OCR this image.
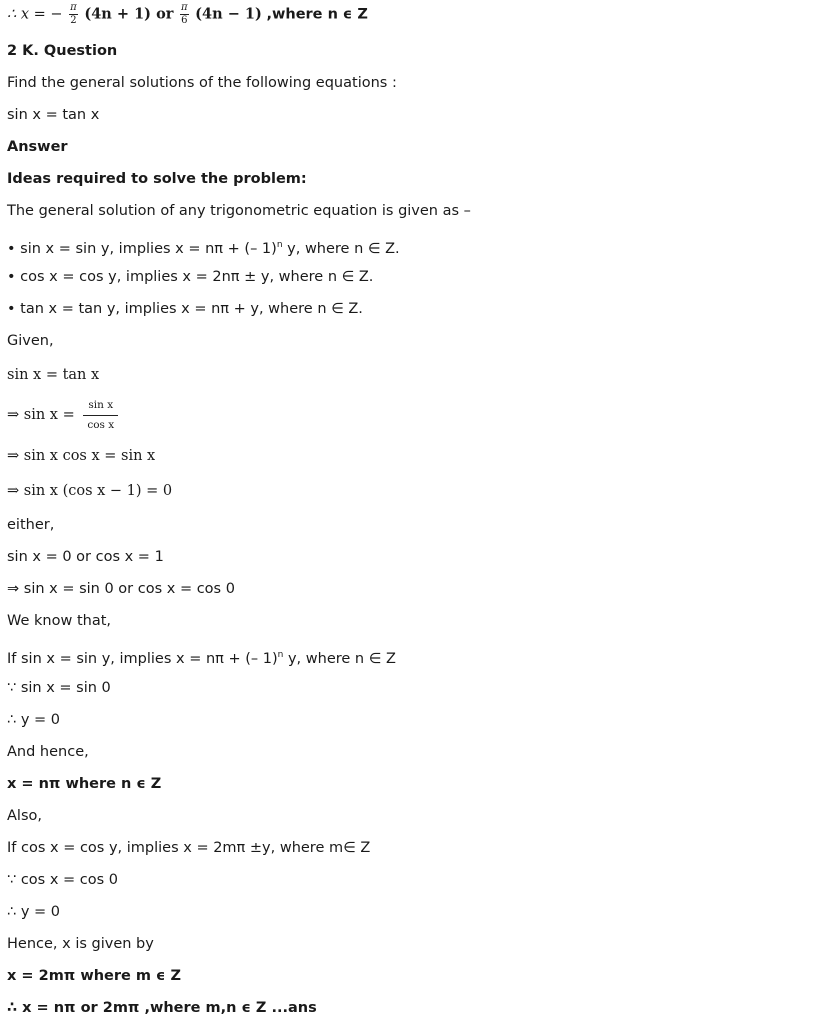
∴ x = − $\frac{\pi}{2} (4n + 1)$ or $\frac{\pi}{6} (4n - 1)$ ,where n ϵ Z
2 K. Question
Find the general solutions of the following equations :
sin x = tan x
Answer
Ideas required to solve the problem:
The general solution of any trigonometric equation is given as –
• sin x = sin y, implies x = nπ + (– 1)$^n$ y, where n ∈ Z.
• cos x = cos y, implies x = 2nπ ± y, where n ∈ Z.
• tan x = tan y, implies x = nπ + y, where n ∈ Z.
Given,
sin x = tan x
⇒ $\sin x = \frac{\text{sin x}}{\text{cos x}}$
⇒ sin x cos x = sin x
⇒ sin x (cos x − 1) = 0
either,
sin x = 0 or cos x = 1
⇒ sin x = sin 0 or cos x = cos 0
We know that,
If sin x = sin y, implies x = nπ + (– 1)$^n$ y, where n ∈ Z
∵ sin x = sin 0
∴ y = 0
And hence,
x = nπ where n ϵ Z
Also,
If cos x = cos y, implies x = 2mπ ±y, where m∈ Z
∵ cos x = cos 0
∴ y = 0
Hence, x is given by
x = 2mπ where m ϵ Z
∴ x = nπ or 2mπ ,where m,n ϵ Z ...ans
